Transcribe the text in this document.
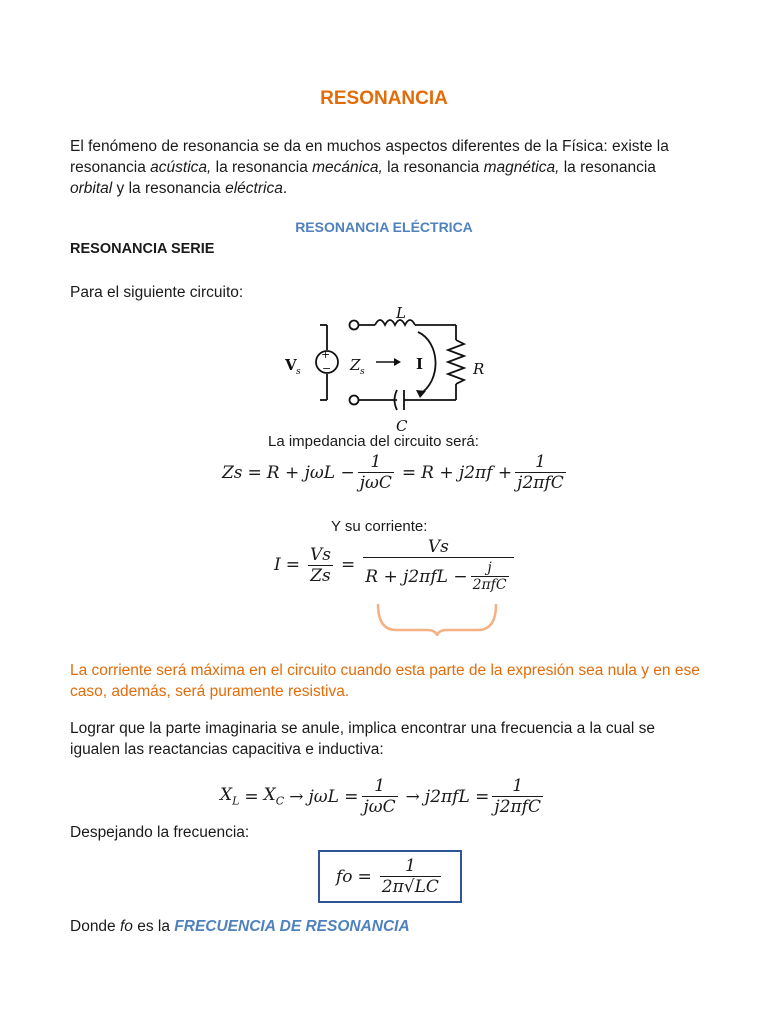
RESONANCIA
El fenómeno de resonancia se da en muchos aspectos diferentes de la Física: existe la resonancia acústica, la resonancia mecánica, la resonancia magnética, la resonancia orbital y la resonancia eléctrica.
RESONANCIA ELÉCTRICA
RESONANCIA SERIE
Para el siguiente circuito:
+
−
L
R
C
V s	Z s	I
La impedancia del circuito será:
$Zs = R + j\omega L - \frac{1}{\text{jωC}} = R + j2\pi f + \frac{1}{\text{j2πfC}}$
Y su corriente:
$I = \frac{Vs}{Zs} = \frac{Vs}{R + j2\pi fL - \frac{j}{\text{2πfC}}}$
La corriente será máxima en el circuito cuando esta parte de la expresión sea nula y en ese caso, además, será puramente resistiva.
Lograr que la parte imaginaria se anule, implica encontrar una frecuencia a la cual se igualen las reactancias capacitiva e inductiva:
$X_L = X_C \to j\omega L = \frac{1}{\text{jωC}} \to j2\pi fL = \frac{1}{\text{j2πfC}}$
Despejando la frecuencia:
fo = $\frac{1}{2\pi√LC}$
Donde fo es la FRECUENCIA DE RESONANCIA
